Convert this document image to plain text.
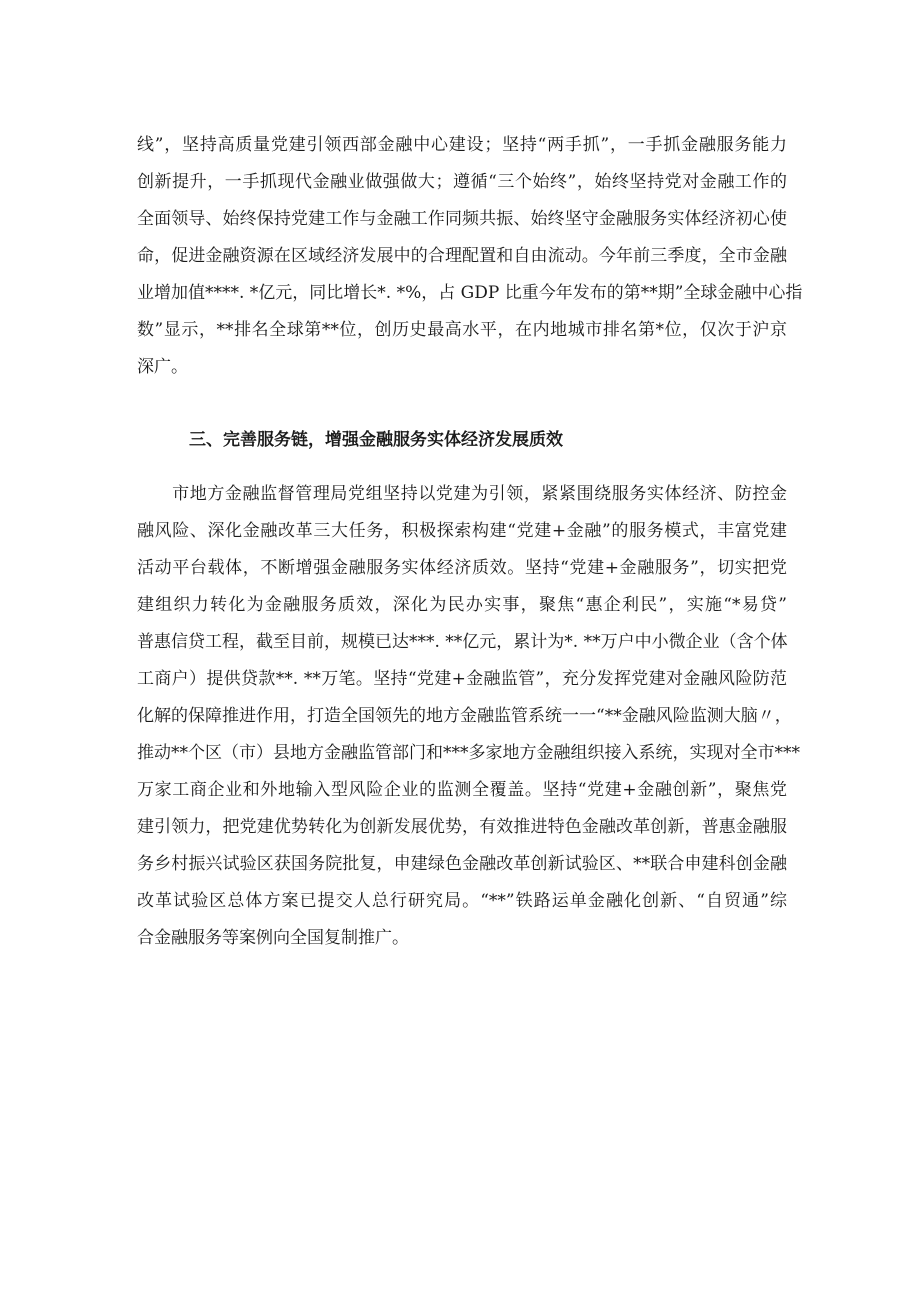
线”，坚持高质量党建引领西部金融中心建设；坚持“两手抓”，一手抓金融服务能力
创新提升，一手抓现代金融业做强做大；遵循“三个始终”，始终坚持党对金融工作的
全面领导、始终保持党建工作与金融工作同频共振、始终坚守金融服务实体经济初心使
命，促进金融资源在区域经济发展中的合理配置和自由流动。今年前三季度，全市金融
业增加值****. *亿元，同比增长*. *%，占 GDP 比重今年发布的第**期”全球金融中心指
数”显示，**排名全球第**位，创历史最高水平，在内地城市排名第*位，仅次于沪京
深广。
三、完善服务链，增强金融服务实体经济发展质效
　　市地方金融监督管理局党组坚持以党建为引领，紧紧围绕服务实体经济、防控金
融风险、深化金融改革三大任务，积极探索构建“党建+金融”的服务模式，丰富党建
活动平台载体，不断增强金融服务实体经济质效。坚持“党建+金融服务”，切实把党
建组织力转化为金融服务质效，深化为民办实事，聚焦“惠企利民”，实施“*易贷”
普惠信贷工程，截至目前，规模已达***. **亿元，累计为*. **万户中小微企业（含个体
工商户）提供贷款**. **万笔。坚持“党建+金融监管”，充分发挥党建对金融风险防范
化解的保障推进作用，打造全国领先的地方金融监管系统一一“**金融风险监测大脑〃，
推动**个区（市）县地方金融监管部门和***多家地方金融组织接入系统，实现对全市***
万家工商企业和外地输入型风险企业的监测全覆盖。坚持“党建+金融创新”，聚焦党
建引领力，把党建优势转化为创新发展优势，有效推进特色金融改革创新，普惠金融服
务乡村振兴试验区获国务院批复，申建绿色金融改革创新试验区、**联合申建科创金融
改革试验区总体方案已提交人总行研究局。“**”铁路运单金融化创新、“自贸通”综
合金融服务等案例向全国复制推广。
